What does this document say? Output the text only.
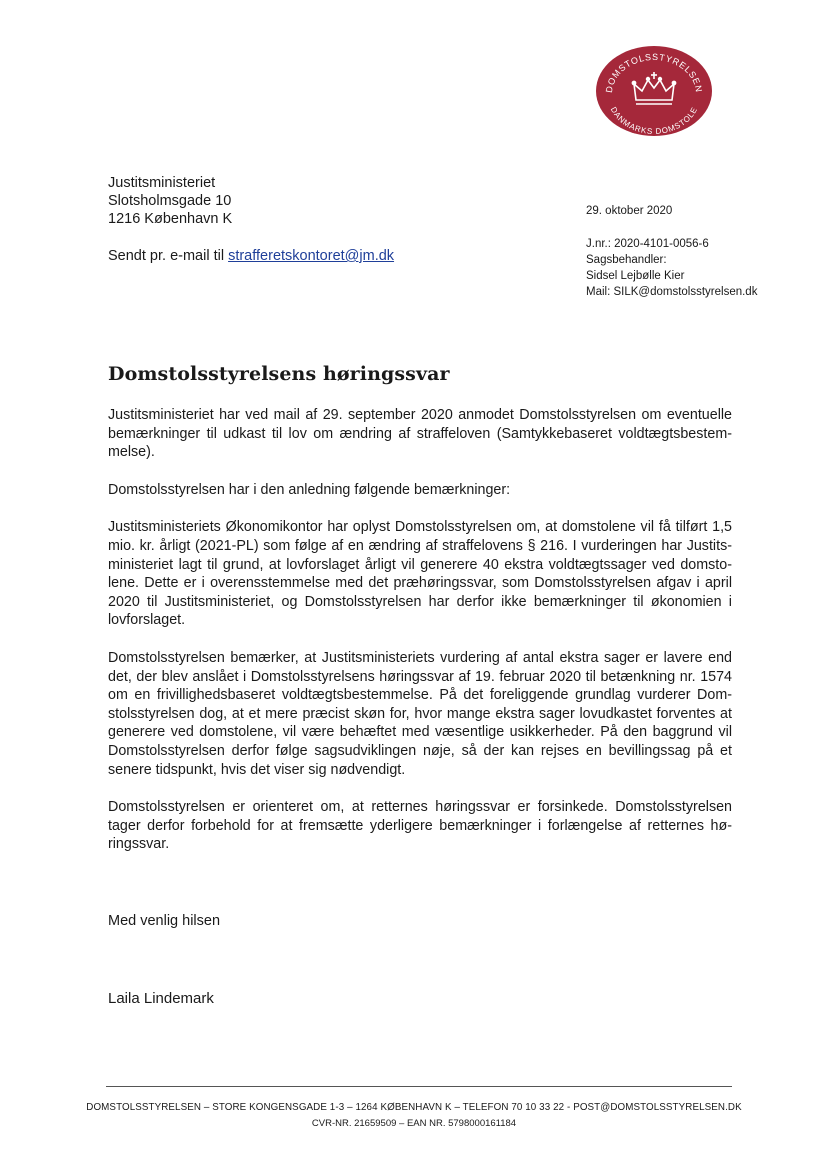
DOMSTOLSSTYRELSEN
DANMARKS DOMSTOLE
Justitsministeriet
Slotsholmsgade 10
1216 København K
Sendt pr. e-mail til strafferetskontoret@jm.dk
29. oktober 2020
J.nr.: 2020-4101-0056-6
Sagsbehandler:
Sidsel Lejbølle Kier
Mail: SILK@domstolsstyrelsen.dk
Domstolsstyrelsens høringssvar

Justitsministeriet har ved mail af 29. september 2020 anmodet Domstolsstyrelsen om eventuelle bemærkninger til udkast til lov om ændring af straffeloven (Samtykkebaseret voldtægtsbestem-melse).

Domstolsstyrelsen har i den anledning følgende bemærkninger:

Justitsministeriets Økonomikontor har oplyst Domstolsstyrelsen om, at domstolene vil få tilført 1,5 mio. kr. årligt (2021-PL) som følge af en ændring af straffelovens § 216. I vurderingen har Justits-ministeriet lagt til grund, at lovforslaget årligt vil generere 40 ekstra voldtægtssager ved domsto-lene. Dette er i overensstemmelse med det præhøringssvar, som Domstolsstyrelsen afgav i april 2020 til Justitsministeriet, og Domstolsstyrelsen har derfor ikke bemærkninger til økonomien i lovforslaget.

Domstolsstyrelsen bemærker, at Justitsministeriets vurdering af antal ekstra sager er lavere end det, der blev anslået i Domstolsstyrelsens høringssvar af 19. februar 2020 til betænkning nr. 1574 om en frivillighedsbaseret voldtægtsbestemmelse. På det foreliggende grundlag vurderer Dom-stolsstyrelsen dog, at et mere præcist skøn for, hvor mange ekstra sager lovudkastet forventes at generere ved domstolene, vil være behæftet med væsentlige usikkerheder. På den baggrund vil Domstolsstyrelsen derfor følge sagsudviklingen nøje, så der kan rejses en bevillingssag på et senere tidspunkt, hvis det viser sig nødvendigt.

Domstolsstyrelsen er orienteret om, at retternes høringssvar er forsinkede. Domstolsstyrelsen tager derfor forbehold for at fremsætte yderligere bemærkninger i forlængelse af retternes hø-ringssvar.

Med venlig hilsen
Laila Lindemark
DOMSTOLSSTYRELSEN – STORE KONGENSGADE 1-3 – 1264 KØBENHAVN K – TELEFON 70 10 33 22 - POST@DOMSTOLSSTYRELSEN.DK
CVR-NR. 21659509 – EAN NR. 5798000161184
